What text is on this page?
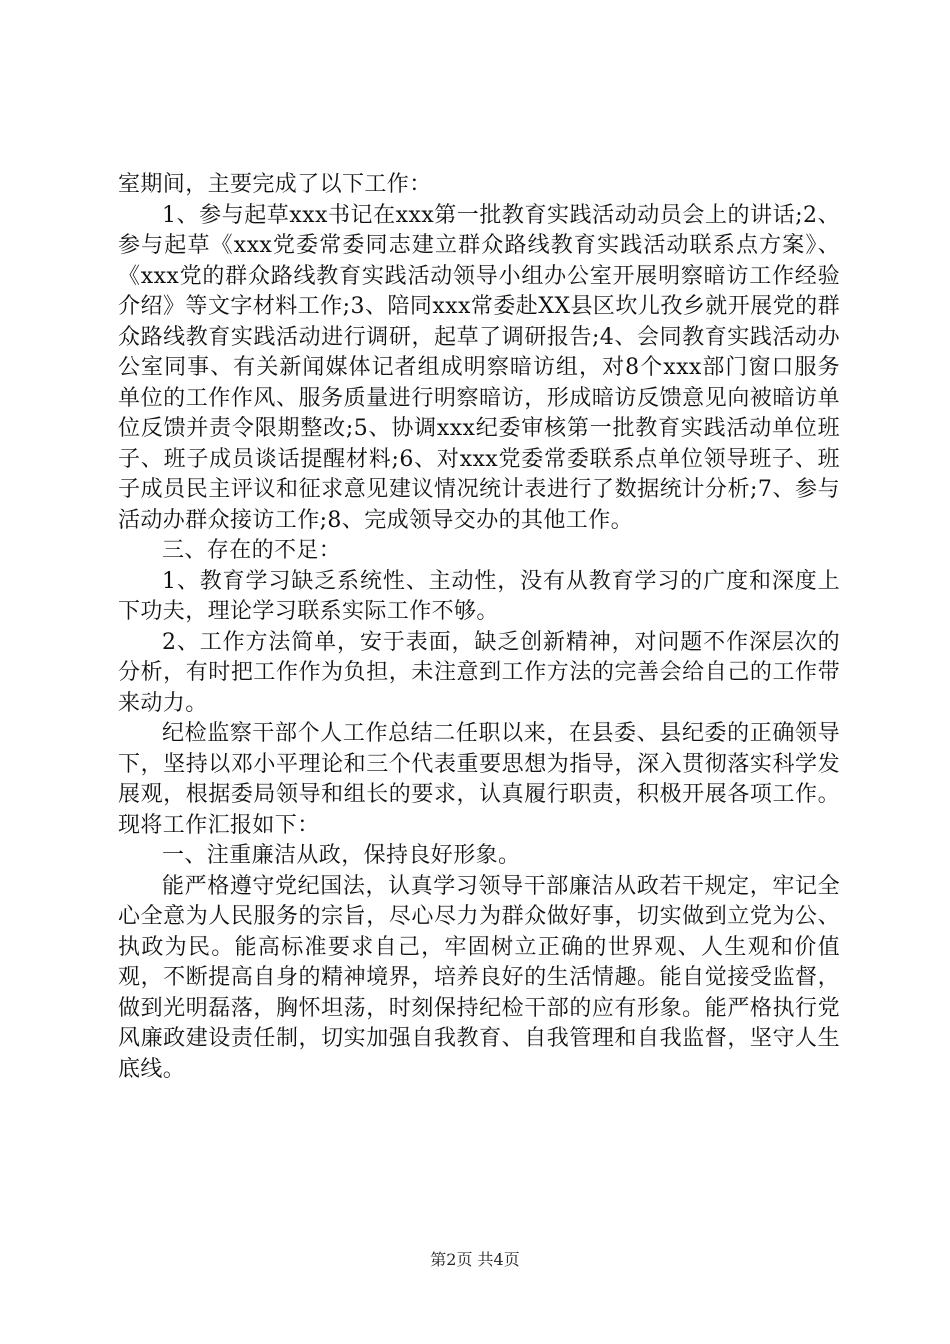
室期间，主要完成了以下工作：

1、参与起草xxx书记在xxx第一批教育实践活动动员会上的讲话;2、参与起草《xxx党委常委同志建立群众路线教育实践活动联系点方案》、《xxx党的群众路线教育实践活动领导小组办公室开展明察暗访工作经验介绍》等文字材料工作;3、陪同xxx常委赴XX县区坎儿孜乡就开展党的群众路线教育实践活动进行调研，起草了调研报告;4、会同教育实践活动办公室同事、有关新闻媒体记者组成明察暗访组，对8个xxx部门窗口服务单位的工作作风、服务质量进行明察暗访，形成暗访反馈意见向被暗访单位反馈并责令限期整改;5、协调xxx纪委审核第一批教育实践活动单位班子、班子成员谈话提醒材料;6、对xxx党委常委联系点单位领导班子、班子成员民主评议和征求意见建议情况统计表进行了数据统计分析;7、参与活动办群众接访工作;8、完成领导交办的其他工作。

三、存在的不足：

1、教育学习缺乏系统性、主动性，没有从教育学习的广度和深度上下功夫，理论学习联系实际工作不够。

2、工作方法简单，安于表面，缺乏创新精神，对问题不作深层次的分析，有时把工作作为负担，未注意到工作方法的完善会给自己的工作带来动力。

纪检监察干部个人工作总结二任职以来，在县委、县纪委的正确领导下，坚持以邓小平理论和三个代表重要思想为指导，深入贯彻落实科学发展观，根据委局领导和组长的要求，认真履行职责，积极开展各项工作。现将工作汇报如下：

一、注重廉洁从政，保持良好形象。

能严格遵守党纪国法，认真学习领导干部廉洁从政若干规定，牢记全心全意为人民服务的宗旨，尽心尽力为群众做好事，切实做到立党为公、执政为民。能高标准要求自己，牢固树立正确的世界观、人生观和价值观，不断提高自身的精神境界，培养良好的生活情趣。能自觉接受监督，做到光明磊落，胸怀坦荡，时刻保持纪检干部的应有形象。能严格执行党风廉政建设责任制，切实加强自我教育、自我管理和自我监督，坚守人生底线。

第2页 共4页
